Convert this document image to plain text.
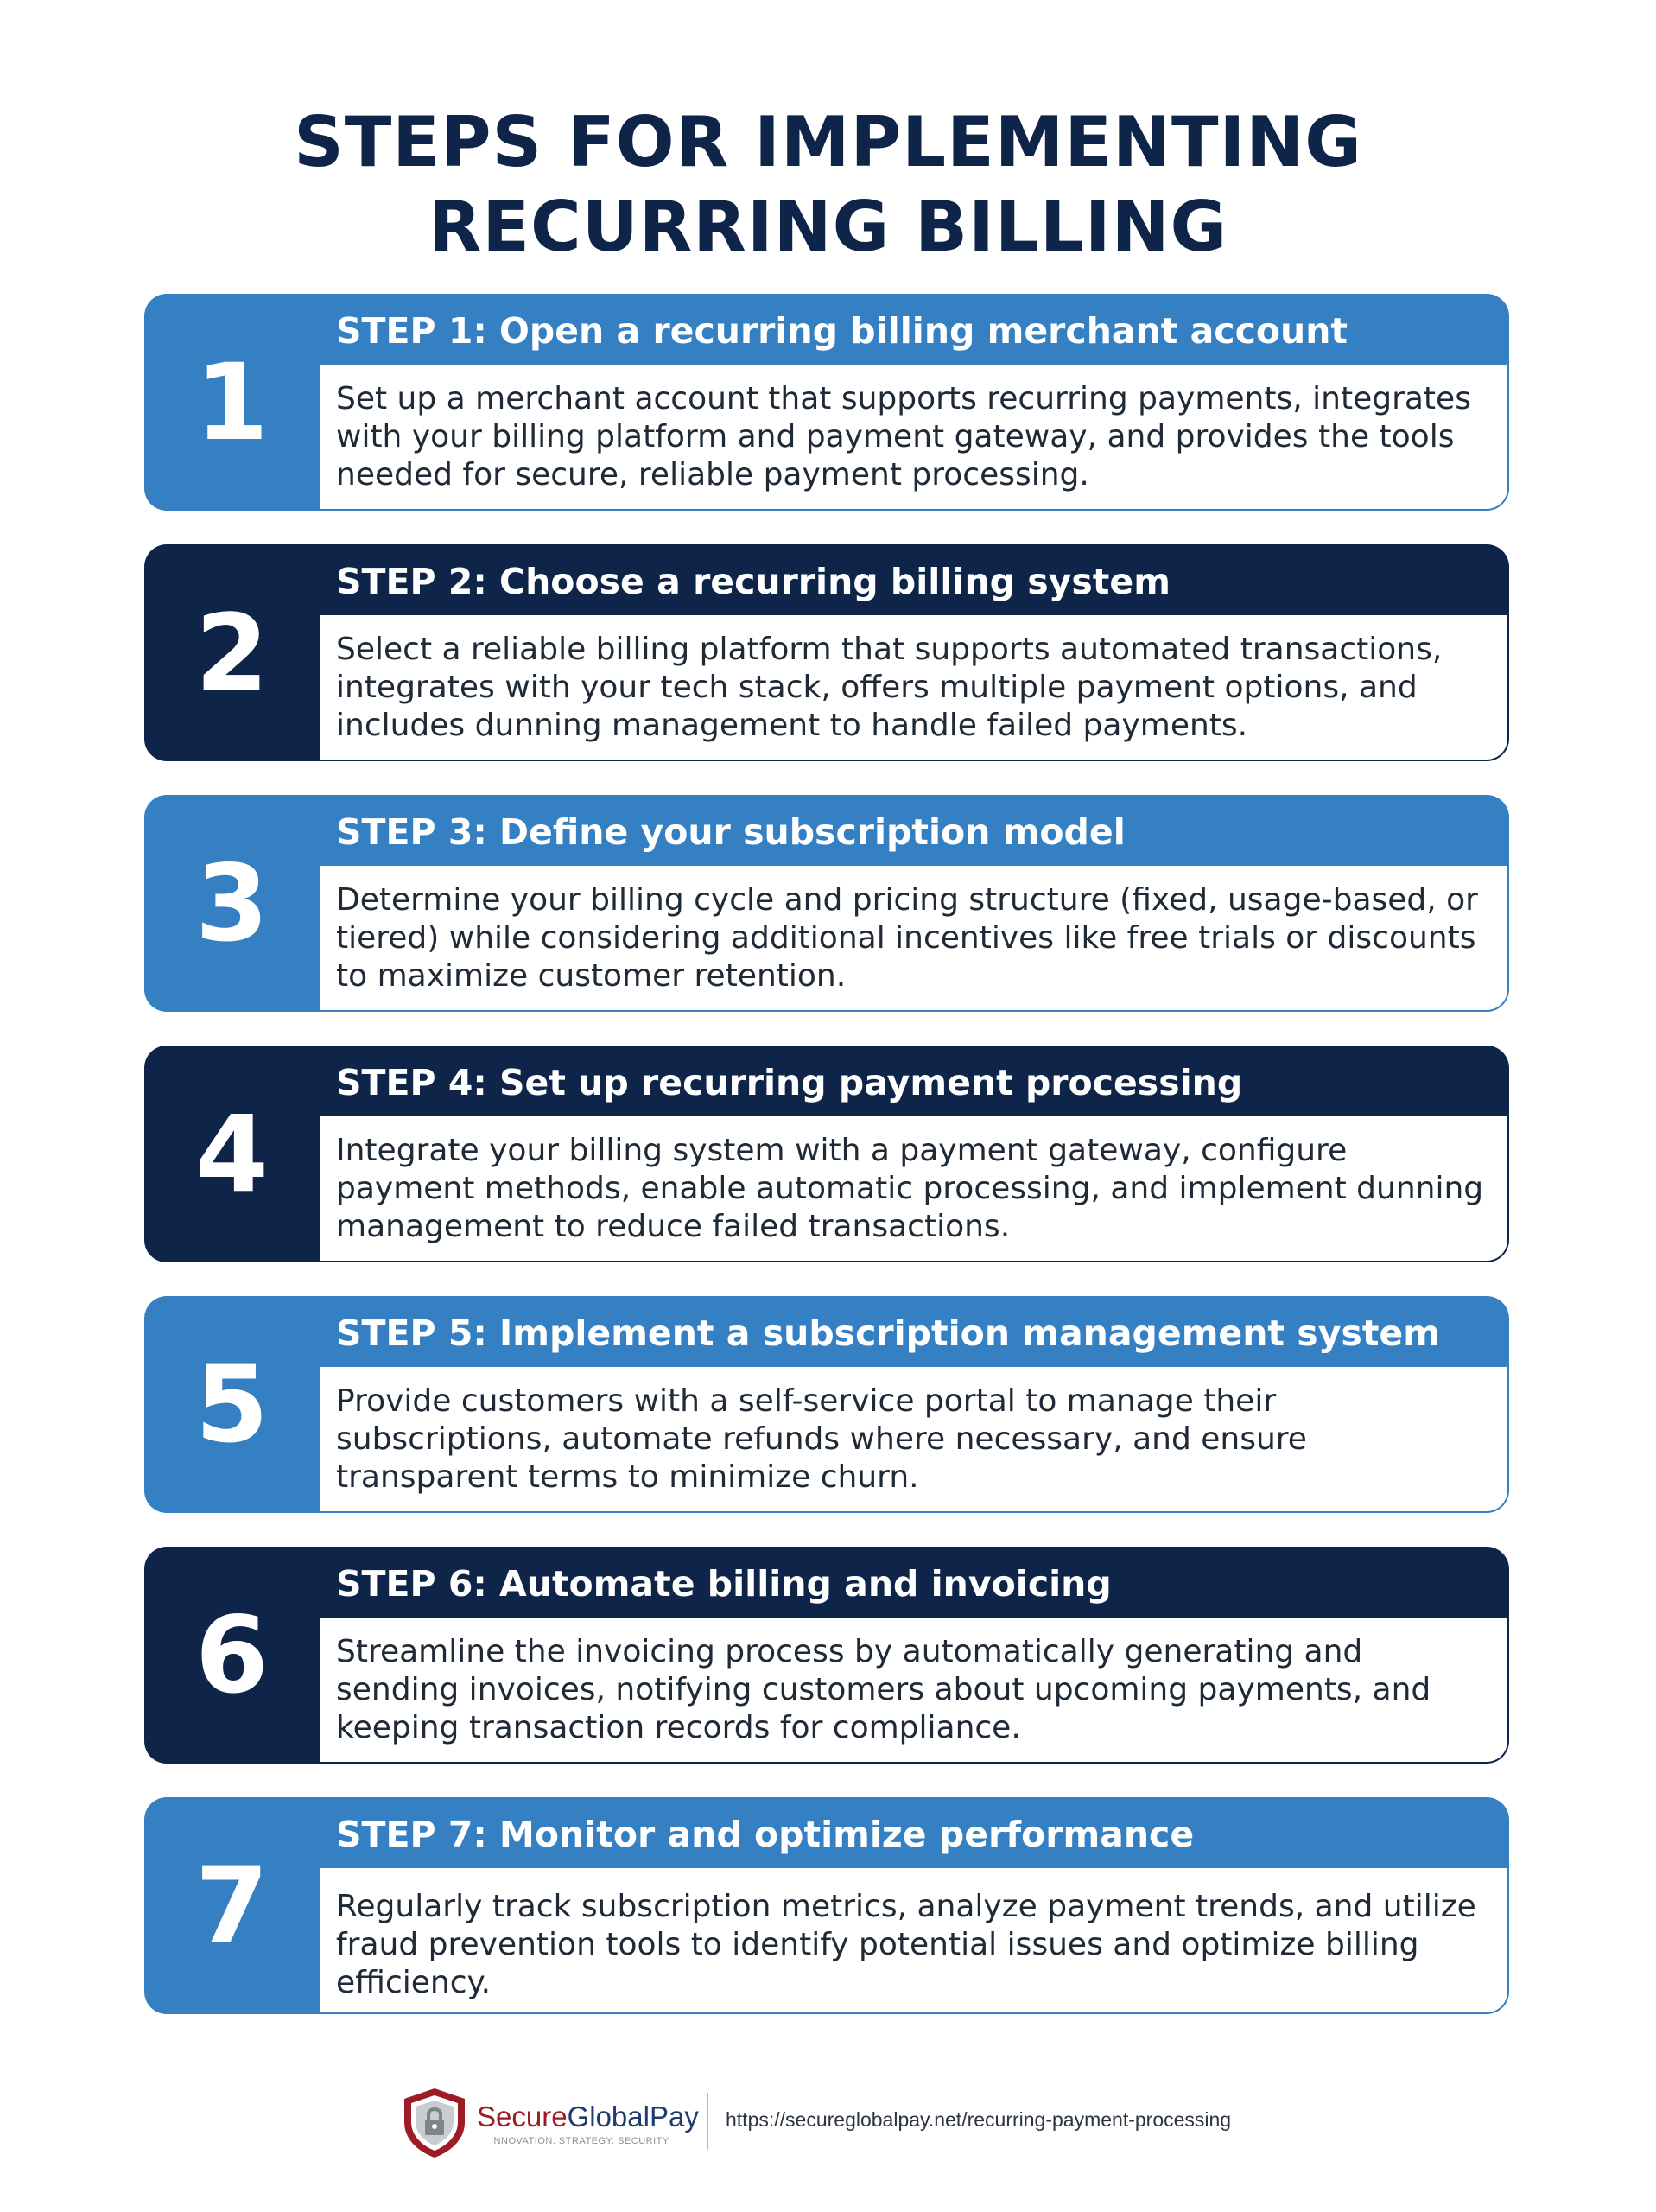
STEPS FOR IMPLEMENTING
RECURRING BILLING
1
STEP 1: Open a recurring billing merchant account

Set up a merchant account that supports recurring payments, integrates with your billing platform and payment gateway, and provides the tools needed for secure, reliable payment processing.

2
STEP 2: Choose a recurring billing system

Select a reliable billing platform that supports automated transactions, integrates with your tech stack, offers multiple payment options, and includes dunning management to handle failed payments.

3
STEP 3: Define your subscription model

Determine your billing cycle and pricing structure (fixed, usage-based, or tiered) while considering additional incentives like free trials or discounts to maximize customer retention.

4
STEP 4: Set up recurring payment processing

Integrate your billing system with a payment gateway, configure payment methods, enable automatic processing, and implement dunning management to reduce failed transactions.

5
STEP 5: Implement a subscription management system

Provide customers with a self-service portal to manage their subscriptions, automate refunds where necessary, and ensure transparent terms to minimize churn.

6
STEP 6: Automate billing and invoicing

Streamline the invoicing process by automatically generating and sending invoices, notifying customers about upcoming payments, and keeping transaction records for compliance.

7
STEP 7: Monitor and optimize performance

Regularly track subscription metrics, analyze payment trends, and utilize fraud prevention tools to identify potential issues and optimize billing efficiency.

SecureGlobalPay
INNOVATION. STRATEGY. SECURITY
https://secureglobalpay.net/recurring-payment-processing
